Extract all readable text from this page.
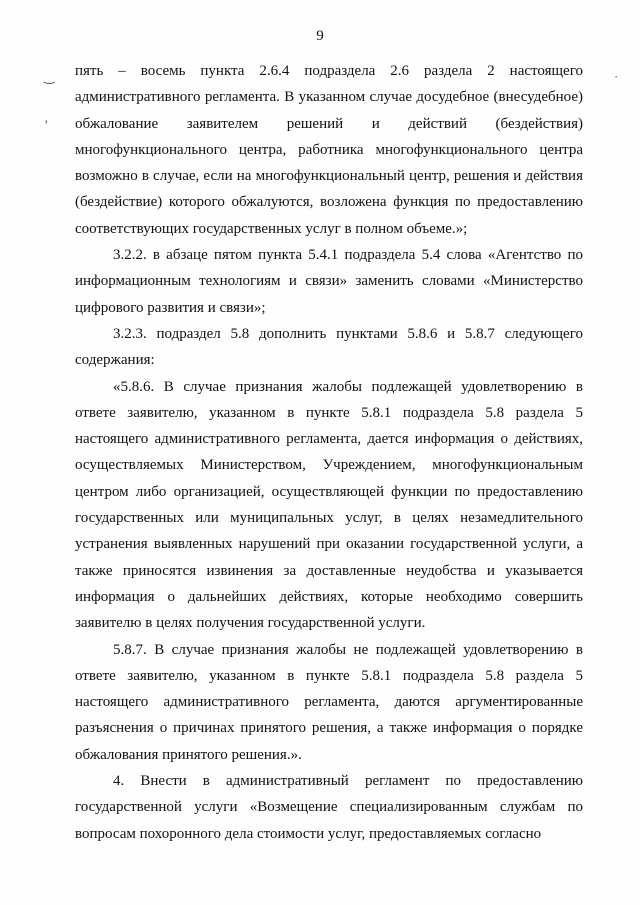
9
‿
ʼ
·

пять – восемь пункта 2.6.4 подраздела 2.6 раздела 2 настоящего административного регламента. В указанном случае досудебное (внесудебное) обжалование заявителем решений и действий (бездействия) многофункционального центра, работника многофункционального центра возможно в случае, если на многофункциональный центр, решения и действия (бездействие) которого обжалуются, возложена функция по предоставлению соответствующих государственных услуг в полном объеме.»;

3.2.2. в абзаце пятом пункта 5.4.1 подраздела 5.4 слова «Агентство по информационным технологиям и связи» заменить словами «Министерство цифрового развития и связи»;

3.2.3. подраздел 5.8 дополнить пунктами 5.8.6 и 5.8.7 следующего содержания:

«5.8.6. В случае признания жалобы подлежащей удовлетворению в ответе заявителю, указанном в пункте 5.8.1 подраздела 5.8 раздела 5 настоящего административного регламента, дается информация о действиях, осуществляемых Министерством, Учреждением, многофункциональным центром либо организацией, осуществляющей функции по предоставлению государственных или муниципальных услуг, в целях незамедлительного устранения выявленных нарушений при оказании государственной услуги, а также приносятся извинения за доставленные неудобства и указывается информация о дальнейших действиях, которые необходимо совершить заявителю в целях получения государственной услуги.

5.8.7. В случае признания жалобы не подлежащей удовлетворению в ответе заявителю, указанном в пункте 5.8.1 подраздела 5.8 раздела 5 настоящего административного регламента, даются аргументированные разъяснения о причинах принятого решения, а также информация о порядке обжалования принятого решения.».

4. Внести в административный регламент по предоставлению государственной услуги «Возмещение специализированным службам по вопросам похоронного дела стоимости услуг, предоставляемых согласно
